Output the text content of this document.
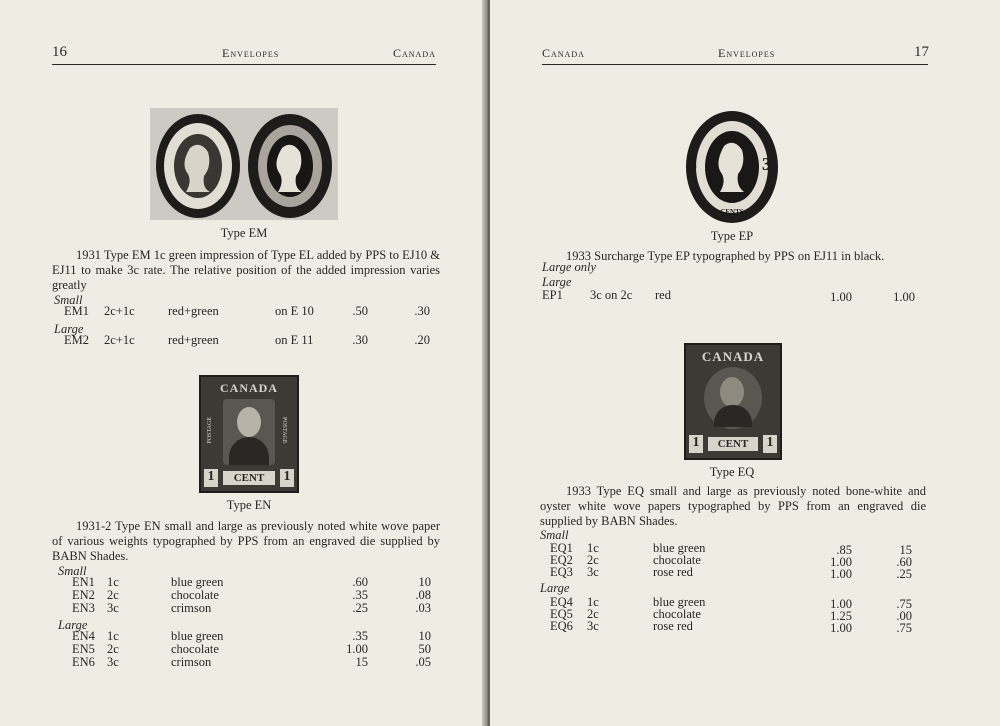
16	Envelopes	Canada
Type EM
1931 Type EM 1c green impression of Type EL added by PPS to EJ10 & EJ11 to make 3c rate. The relative position of the added impression varies greatly
Small
EM1 2c+1c	red+green	on E 10	.50	.30
Large
EM2 2c+1c	red+green	on E 11	.30	.20
CANADA
POSTAGE	POSTAGE
1	CENT	1
Type EN
1931-2 Type EN small and large as previously noted white wove paper of various weights typographed by PPS from an engraved die supplied by BABN Shades.
Small
EN1 1c	blue green	.60	10
EN2 2c	chocolate	.35	.08
EN3 3c	crimson	.25	.03
Large
EN4 1c	blue green	.35	10
EN5 2c	chocolate	1.00	50
EN6 3c	crimson	15	.05
Canada	Envelopes	17
3	3
CENTS
Type EP
1933 Surcharge Type EP typographed by PPS on EJ11 in black.
Large only
Large
EP1 3c on 2c red	1.00	1.00
CANADA
1	CENT	1
Type EQ
1933 Type EQ small and large as previously noted bone-white and oyster white wove papers typographed by PPS from an engraved die supplied by BABN Shades.
Small
EQ1 1c	blue green	.85	15
EQ2 2c	chocolate	1.00	.60
EQ3 3c	rose red	1.00	.25
Large
EQ4 1c	blue green	1.00	.75
EQ5 2c	chocolate	1.25	.00
EQ6 3c	rose red	1.00	.75
